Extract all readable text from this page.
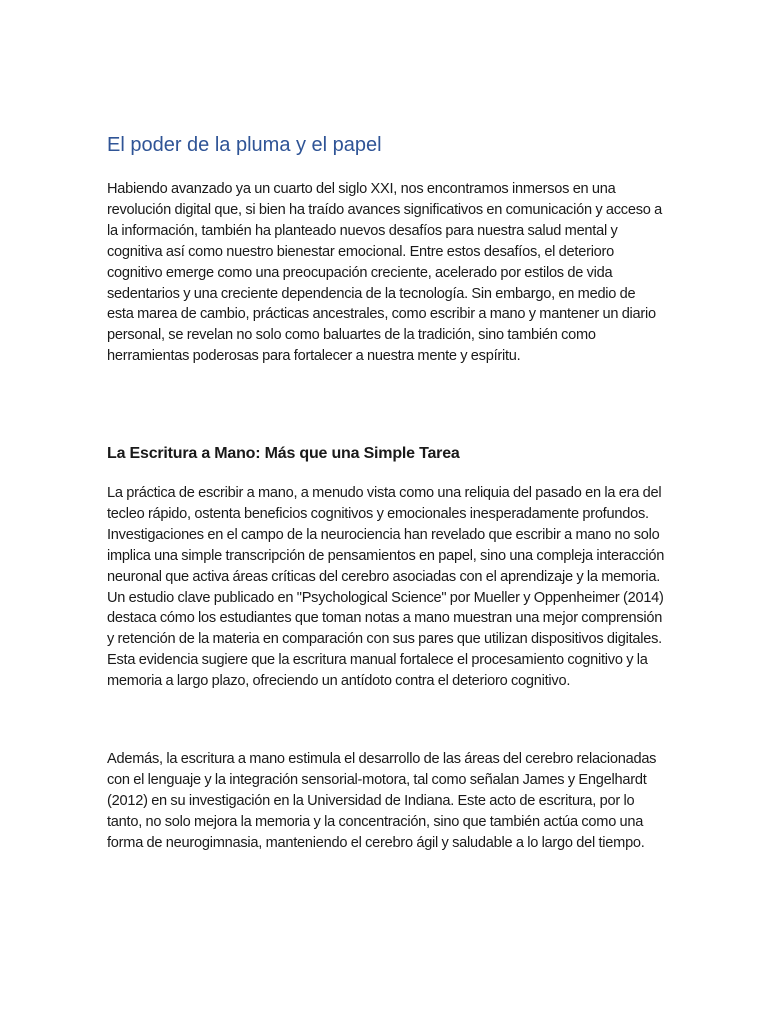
El poder de la pluma y el papel

Habiendo avanzado ya un cuarto del siglo XXI, nos encontramos inmersos en una revolución digital que, si bien ha traído avances significativos en comunicación y acceso a la información, también ha planteado nuevos desafíos para nuestra salud mental y cognitiva así como nuestro bienestar emocional. Entre estos desafíos, el deterioro cognitivo emerge como una preocupación creciente, acelerado por estilos de vida sedentarios y una creciente dependencia de la tecnología. Sin embargo, en medio de esta marea de cambio, prácticas ancestrales, como escribir a mano y mantener un diario personal, se revelan no solo como baluartes de la tradición, sino también como herramientas poderosas para fortalecer a nuestra mente y espíritu.

La Escritura a Mano: Más que una Simple Tarea

La práctica de escribir a mano, a menudo vista como una reliquia del pasado en la era del tecleo rápido, ostenta beneficios cognitivos y emocionales inesperadamente profundos. Investigaciones en el campo de la neurociencia han revelado que escribir a mano no solo implica una simple transcripción de pensamientos en papel, sino una compleja interacción neuronal que activa áreas críticas del cerebro asociadas con el aprendizaje y la memoria. Un estudio clave publicado en "Psychological Science" por Mueller y Oppenheimer (2014) destaca cómo los estudiantes que toman notas a mano muestran una mejor comprensión y retención de la materia en comparación con sus pares que utilizan dispositivos digitales. Esta evidencia sugiere que la escritura manual fortalece el procesamiento cognitivo y la memoria a largo plazo, ofreciendo un antídoto contra el deterioro cognitivo.

Además, la escritura a mano estimula el desarrollo de las áreas del cerebro relacionadas con el lenguaje y la integración sensorial-motora, tal como señalan James y Engelhardt (2012) en su investigación en la Universidad de Indiana. Este acto de escritura, por lo tanto, no solo mejora la memoria y la concentración, sino que también actúa como una forma de neurogimnasia, manteniendo el cerebro ágil y saludable a lo largo del tiempo.
